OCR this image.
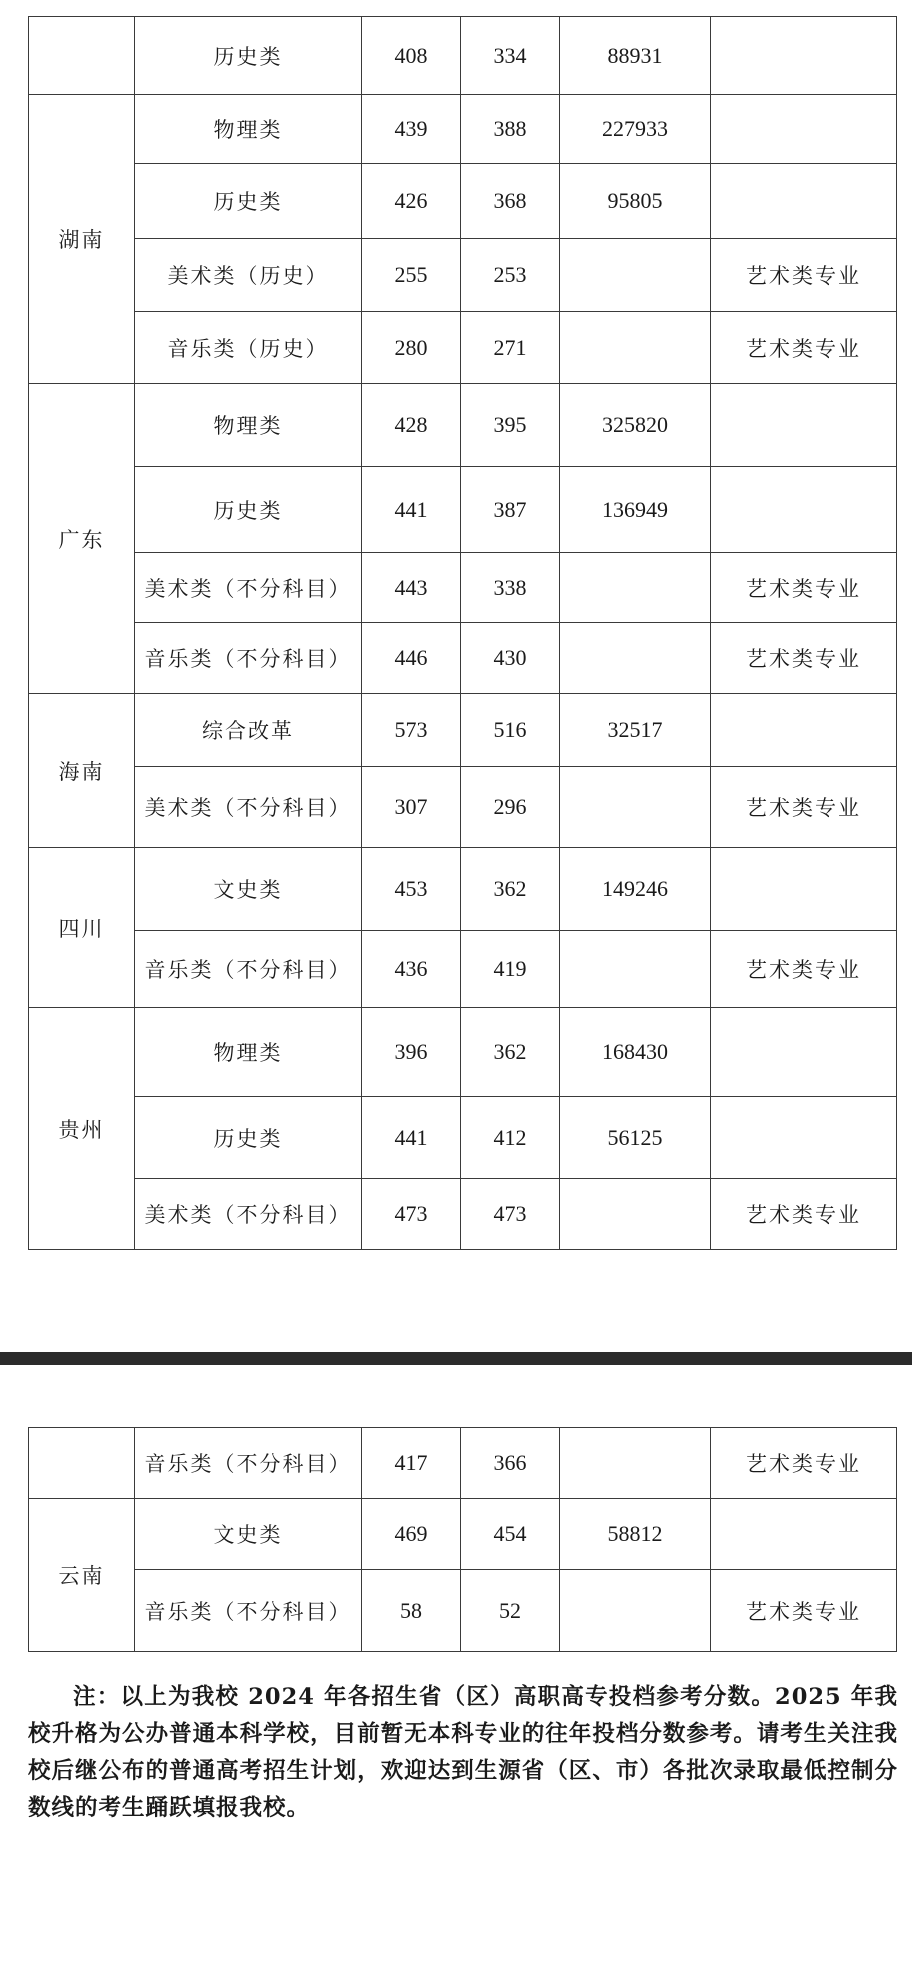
	历史类	408	334	88931	
湖南	物理类	439	388	227933	
	历史类	426	368	95805	
	美术类（历史）	255	253		艺术类专业
	音乐类（历史）	280	271		艺术类专业
广东	物理类	428	395	325820	
	历史类	441	387	136949	
	美术类（不分科目）	443	338		艺术类专业
	音乐类（不分科目）	446	430		艺术类专业
海南	综合改革	573	516	32517	
	美术类（不分科目）	307	296		艺术类专业
四川	文史类	453	362	149246	
	音乐类（不分科目）	436	419		艺术类专业
贵州	物理类	396	362	168430	
	历史类	441	412	56125	
	美术类（不分科目）	473	473		艺术类专业
	音乐类（不分科目）	417	366		艺术类专业
云南	文史类	469	454	58812	
	音乐类（不分科目）	58	52		艺术类专业

注：以上为我校 2024 年各招生省（区）高职高专投档参考分数。2025 年我校升格为公办普通本科学校，目前暂无本科专业的往年投档分数参考。请考生关注我校后继公布的普通高考招生计划，欢迎达到生源省（区、市）各批次录取最低控制分数线的考生踊跃填报我校。
